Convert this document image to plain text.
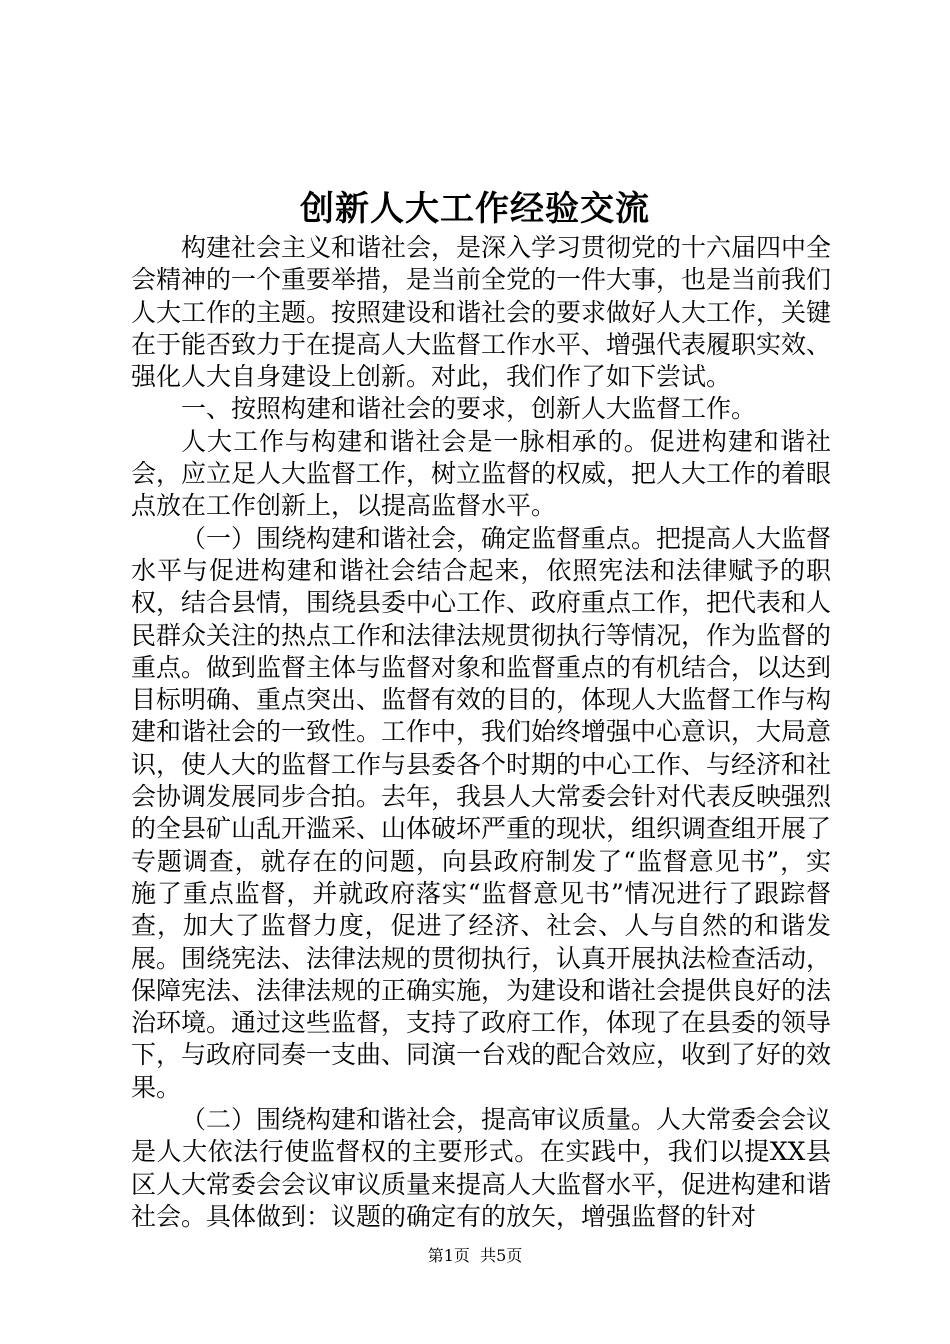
创新人大工作经验交流

构建社会主义和谐社会，是深入学习贯彻党的十六届四中全会精神的一个重要举措，是当前全党的一件大事，也是当前我们人大工作的主题。按照建设和谐社会的要求做好人大工作，关键在于能否致力于在提高人大监督工作水平、增强代表履职实效、强化人大自身建设上创新。对此，我们作了如下尝试。

一、按照构建和谐社会的要求，创新人大监督工作。

人大工作与构建和谐社会是一脉相承的。促进构建和谐社会，应立足人大监督工作，树立监督的权威，把人大工作的着眼点放在工作创新上，以提高监督水平。

（一）围绕构建和谐社会，确定监督重点。把提高人大监督水平与促进构建和谐社会结合起来，依照宪法和法律赋予的职权，结合县情，围绕县委中心工作、政府重点工作，把代表和人民群众关注的热点工作和法律法规贯彻执行等情况，作为监督的重点。做到监督主体与监督对象和监督重点的有机结合，以达到目标明确、重点突出、监督有效的目的，体现人大监督工作与构建和谐社会的一致性。工作中，我们始终增强中心意识，大局意识，使人大的监督工作与县委各个时期的中心工作、与经济和社会协调发展同步合拍。去年，我县人大常委会针对代表反映强烈的全县矿山乱开滥采、山体破坏严重的现状，组织调查组开展了专题调查，就存在的问题，向县政府制发了“监督意见书”，实施了重点监督，并就政府落实“监督意见书”情况进行了跟踪督查，加大了监督力度，促进了经济、社会、人与自然的和谐发展。围绕宪法、法律法规的贯彻执行，认真开展执法检查活动，保障宪法、法律法规的正确实施，为建设和谐社会提供良好的法治环境。通过这些监督，支持了政府工作，体现了在县委的领导下，与政府同奏一支曲、同演一台戏的配合效应，收到了好的效果。

（二）围绕构建和谐社会，提高审议质量。人大常委会会议是人大依法行使监督权的主要形式。在实践中，我们以提XX县区人大常委会会议审议质量来提高人大监督水平，促进构建和谐社会。具体做到：议题的确定有的放矢，增强监督的针对

第1页  共5页
